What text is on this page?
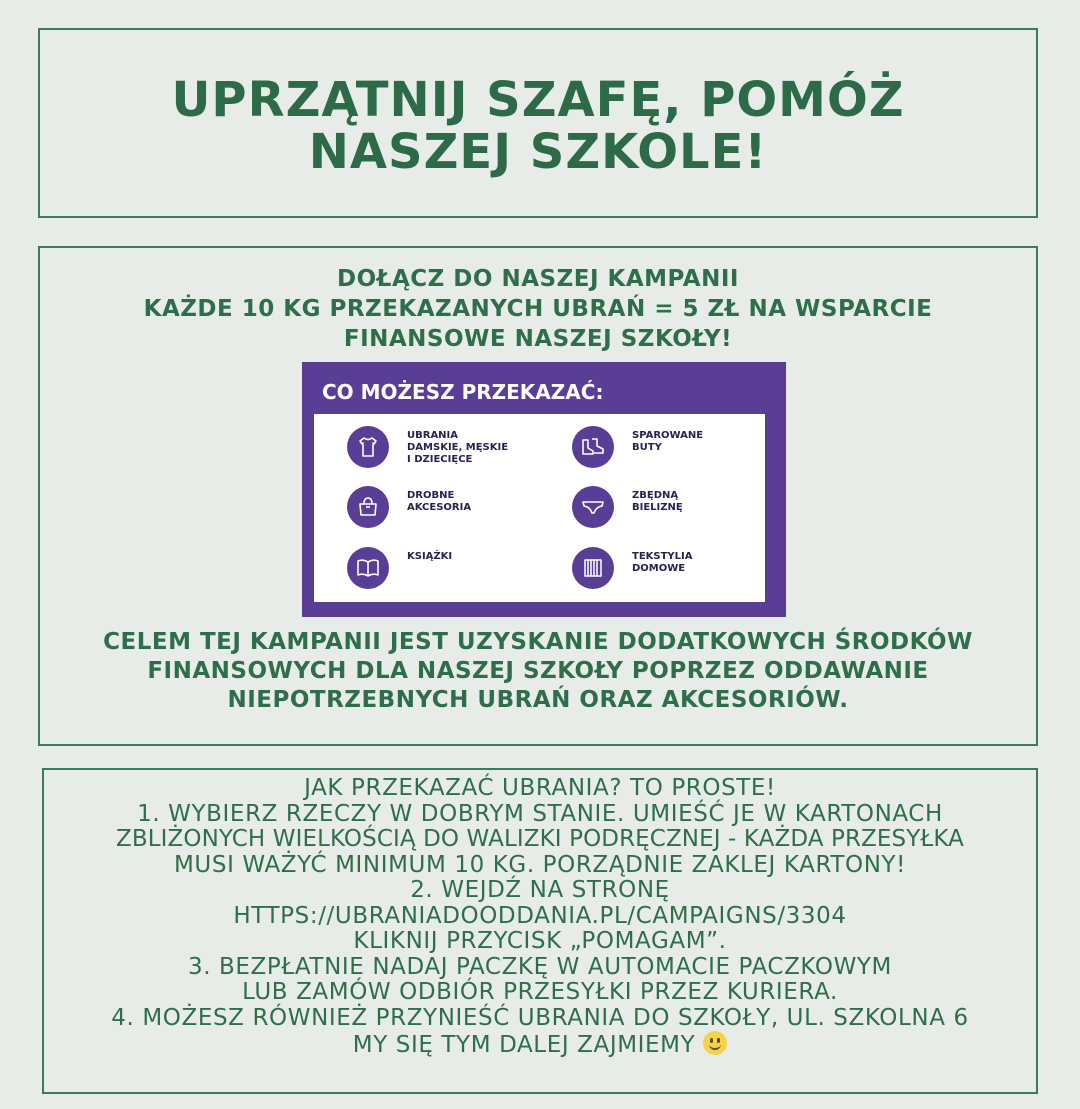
UPRZĄTNIJ SZAFĘ, POMÓŻ
NASZEJ SZKOLE!
DOŁĄCZ DO NASZEJ KAMPANII
KAŻDE 10 KG PRZEKAZANYCH UBRAŃ = 5 ZŁ NA WSPARCIE
FINANSOWE NASZEJ SZKOŁY!
CO MOŻESZ PRZEKAZAĆ:
UBRANIA
DAMSKIE, MĘSKIE
I DZIECIĘCE
SPAROWANE
BUTY
DROBNE
AKCESORIA
ZBĘDNĄ
BIELIZNĘ
KSIĄŻKI	TEKSTYLIA
DOMOWE
CELEM TEJ KAMPANII JEST UZYSKANIE DODATKOWYCH ŚRODKÓW
FINANSOWYCH DLA NASZEJ SZKOŁY POPRZEZ ODDAWANIE
NIEPOTRZEBNYCH UBRAŃ ORAZ AKCESORIÓW.
JAK PRZEKAZAĆ UBRANIA? TO PROSTE!
1. WYBIERZ RZECZY W DOBRYM STANIE. UMIEŚĆ JE W KARTONACH
ZBLIŻONYCH WIELKOŚCIĄ DO WALIZKI PODRĘCZNEJ - KAŻDA PRZESYŁKA
MUSI WAŻYĆ MINIMUM 10 KG. PORZĄDNIE ZAKLEJ KARTONY!
2. WEJDŹ NA STRONĘ
HTTPS://UBRANIADOODDANIA.PL/CAMPAIGNS/3304
KLIKNIJ PRZYCISK „POMAGAM”.
3. BEZPŁATNIE NADAJ PACZKĘ W AUTOMACIE PACZKOWYM
LUB ZAMÓW ODBIÓR PRZESYŁKI PRZEZ KURIERA.
4. MOŻESZ RÓWNIEŻ PRZYNIEŚĆ UBRANIA DO SZKOŁY, UL. SZKOLNA 6
MY SIĘ TYM DALEJ ZAJMIEMY
